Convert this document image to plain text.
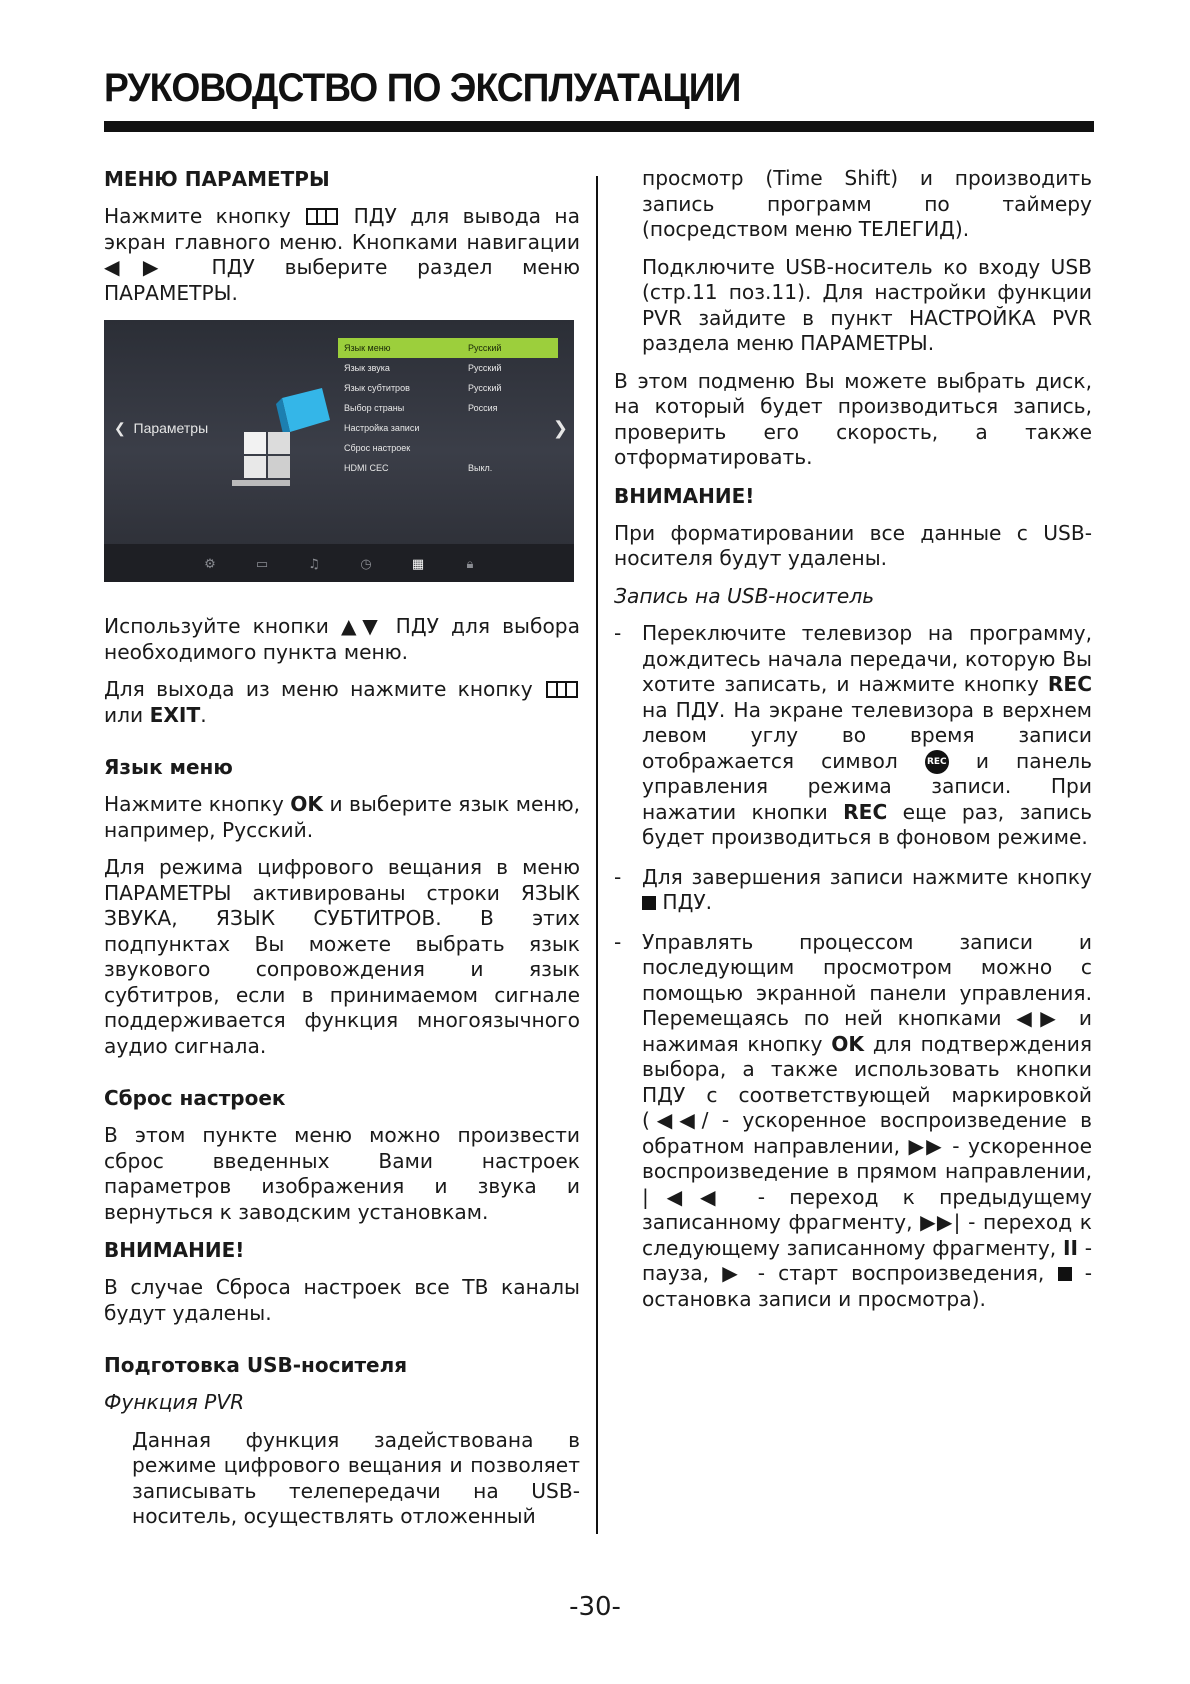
РУКОВОДСТВО ПО ЭКСПЛУАТАЦИИ
МЕНЮ ПАРАМЕТРЫ

Нажмите кнопку	ПДУ для вывода на экран главного меню. Кнопками навигации ◀▶ ПДУ выберите раздел меню ПАРАМЕТРЫ.

❮ Параметры
Язык меню	Русский
Язык звука	Русский
Язык субтитров	Русский
Выбор страны	Россия
Настройка записи
Сброс настроек
HDMI CEC	Выкл.
❯
⚙	▭	♫	◷	▦	🔒︎

Используйте кнопки ▲▼ ПДУ для выбора необходимого пункта меню.

Для выхода из меню нажмите кнопку  или EXIT.

Язык меню

Нажмите кнопку OK и выберите язык меню, например, Русский.

Для режима цифрового вещания в меню ПАРАМЕТРЫ активированы строки ЯЗЫК ЗВУКА, ЯЗЫК СУБТИТРОВ. В этих подпунктах Вы можете выбрать язык звукового сопровождения и язык субтитров, если в принимаемом сигнале поддерживается функция многоязычного аудио сигнала.

Сброс настроек

В этом пункте меню можно произвести сброс введенных Вами настроек параметров изображения и звука и вернуться к заводским установкам.

ВНИМАНИЕ!

В случае Сброса настроек все ТВ каналы будут удалены.

Подготовка USB-носителя

Функция PVR

Данная функция задействована в режиме цифрового вещания и позволяет записывать телепередачи на USB-носитель, осуществлять отложенный

просмотр (Time Shift) и производить запись программ по таймеру (посредством меню ТЕЛЕГИД).

Подключите USB-носитель ко входу USB (стр.11 поз.11). Для настройки функции PVR зайдите в пункт НАСТРОЙКА PVR раздела меню ПАРАМЕТРЫ.

В этом подменю Вы можете выбрать диск, на который будет производиться запись, проверить его скорость, а также отформатировать.

ВНИМАНИЕ!

При форматировании все данные с USB-носителя будут удалены.

Запись на USB-носитель

- Переключите телевизор на программу, дождитесь начала передачи, которую Вы хотите записать, и нажмите кнопку REC на ПДУ. На экране телевизора в верхнем левом углу во время записи отображается символ	REC и панель управления режима записи. При нажатии кнопки REC еще раз, запись будет производиться в фоновом режиме.

- Для завершения записи нажмите кнопку  ПДУ.

- Управлять процессом записи и последующим просмотром можно с помощью экранной панели управления. Перемещаясь по ней кнопками ◀▶ и нажимая кнопку OK для подтверждения выбора, а также использовать кнопки ПДУ с соответствующей маркировкой (◀◀/ - ускоренное воспроизведение в обратном направлении, ▶▶ - ускоренное воспроизведение в прямом направлении, |◀◀ - переход к предыдущему записанному фрагменту, ▶▶| - переход к следующему записанному фрагменту, II - пауза, ▶ - старт воспроизведения, - остановка записи и просмотра).

-30-
